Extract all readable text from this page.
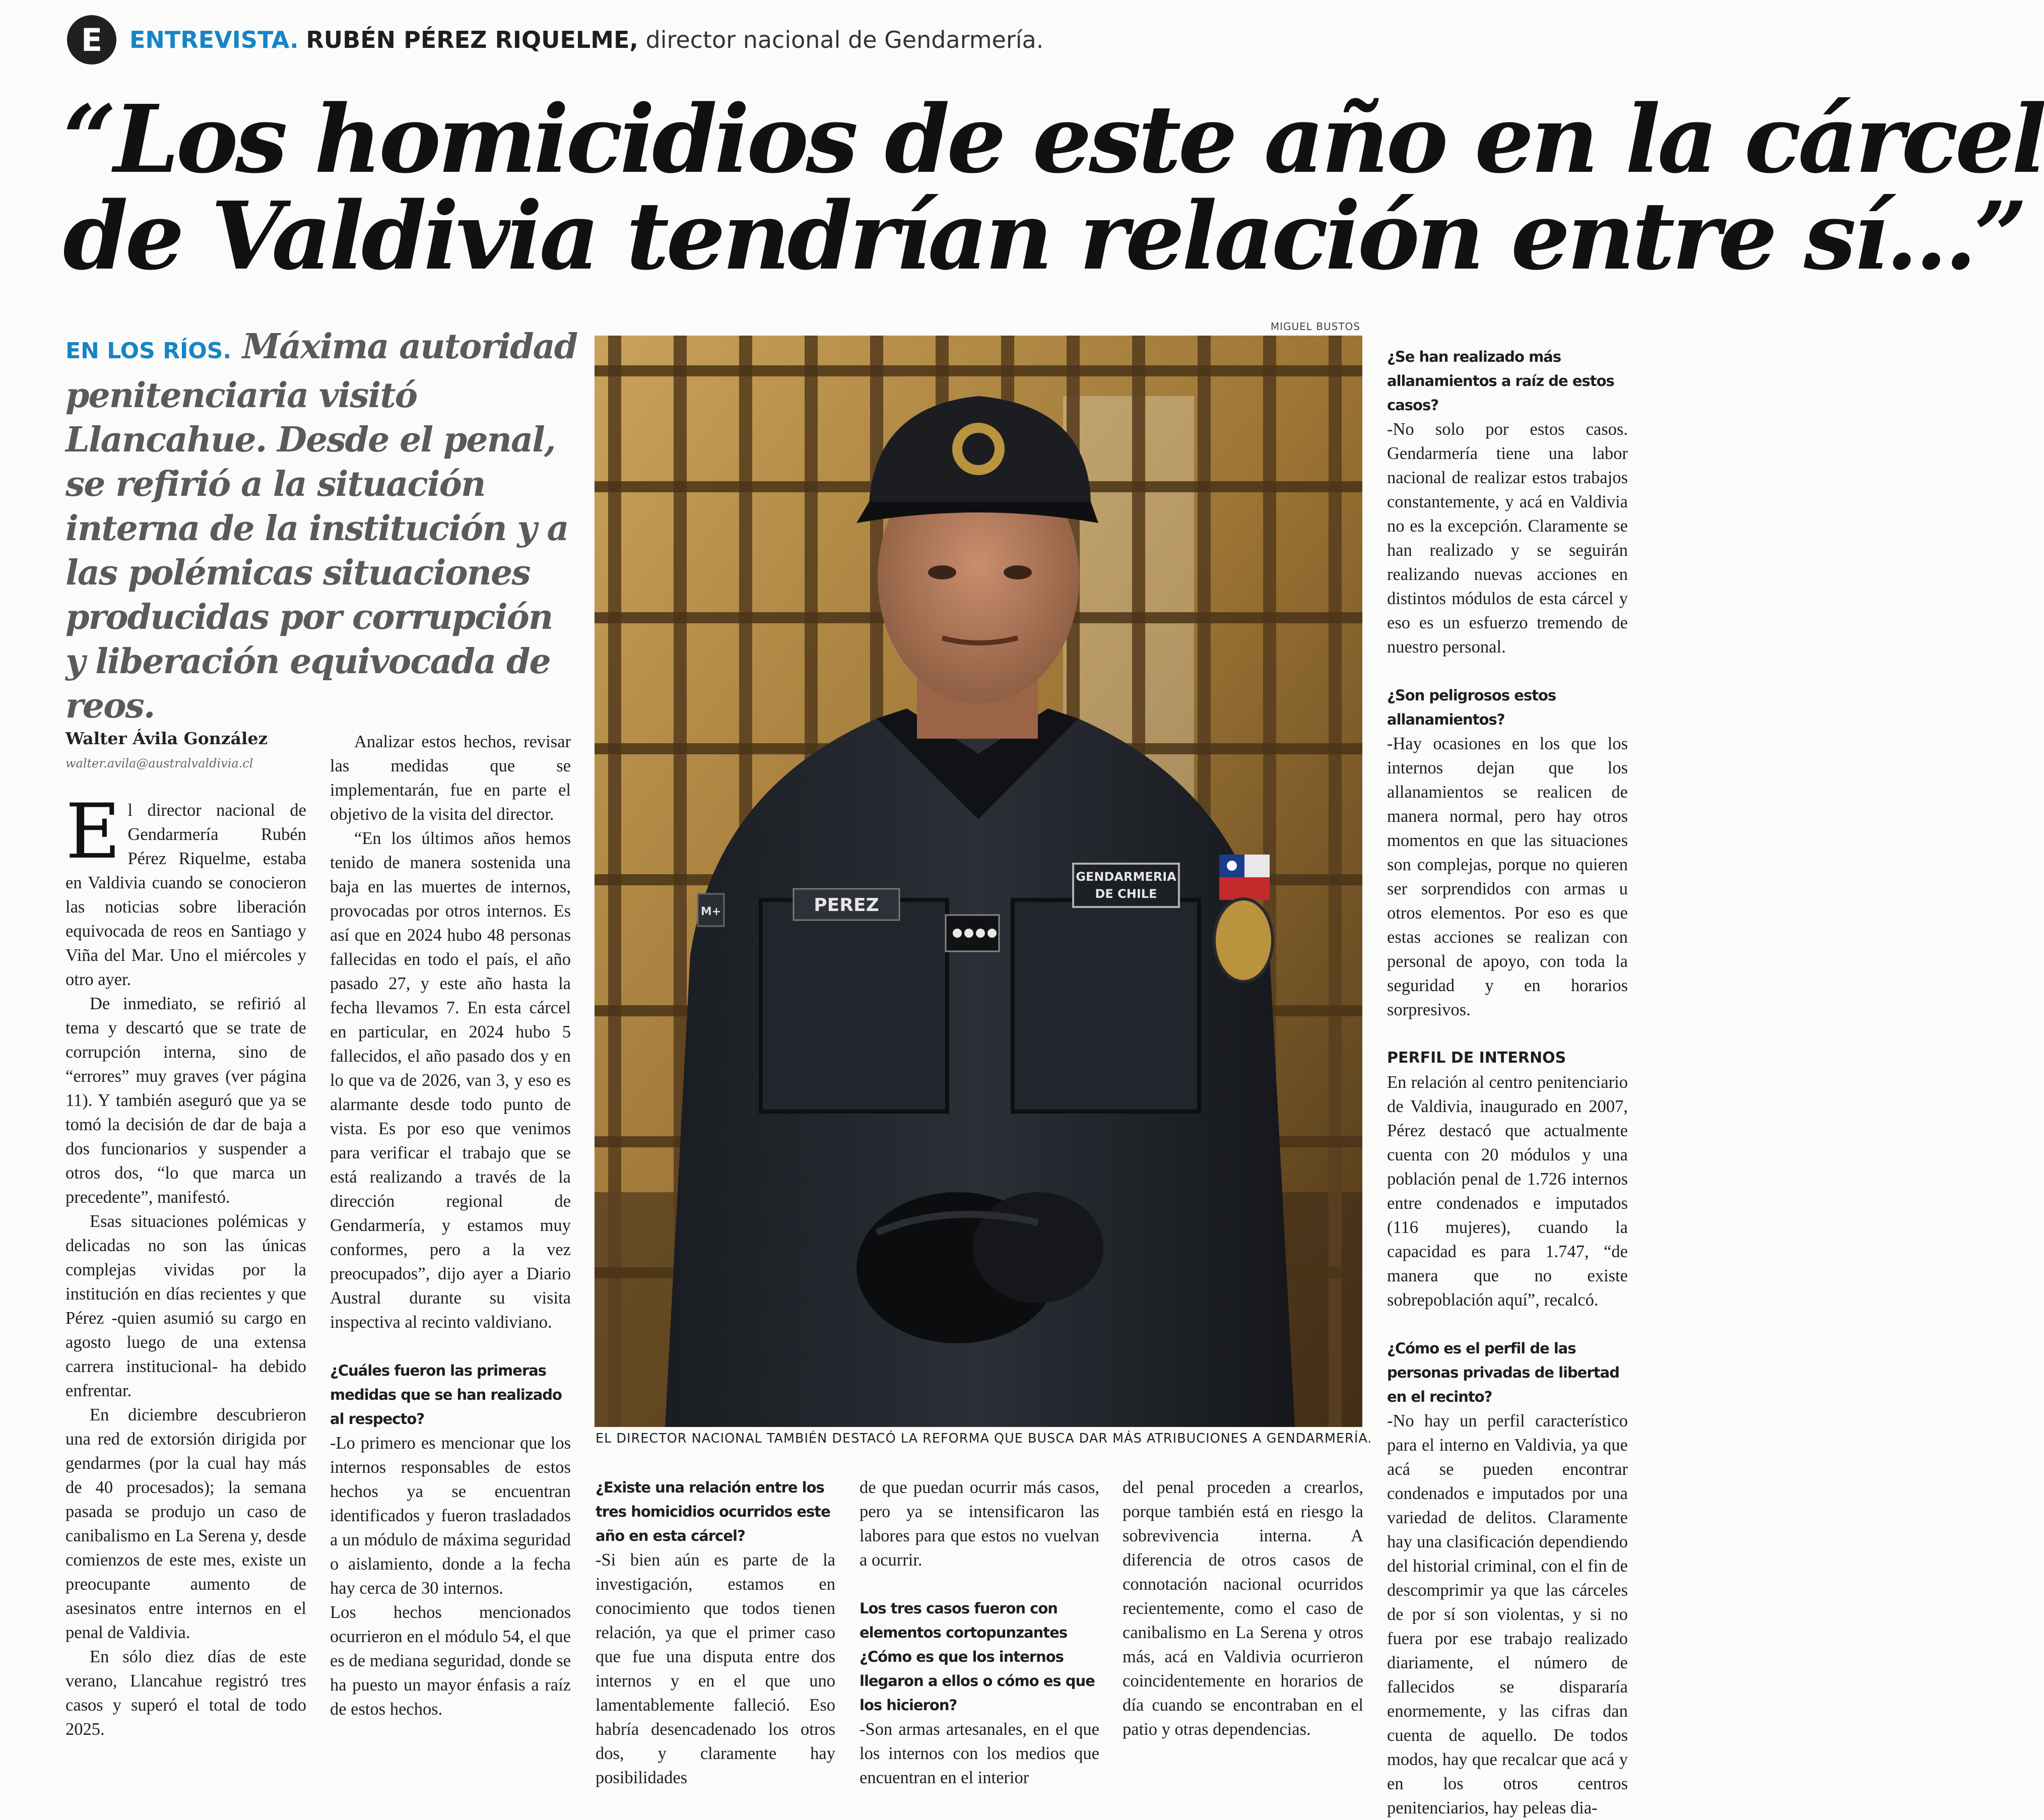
E	ENTREVISTA. RUBÉN PÉREZ RIQUELME, director nacional de Gendarmería.
“Los homicidios de este año en la cárcel
de Valdivia tendrían relación entre sí...”
EN LOS RÍOS. Máxima autoridad penitenciaria visitó Llancahue. Desde el penal, se refirió a la situación interna de la institución y a las polémicas situaciones producidas por corrupción y liberación equivocada de reos.
Walter Ávila González
walter.avila@australvaldivia.cl

El director nacional de Gendarmería Rubén Pérez Riquelme, estaba en Valdivia cuando se conocieron las noticias sobre liberación equivocada de reos en Santiago y Viña del Mar. Uno el miércoles y otro ayer.

De inmediato, se refirió al tema y descartó que se trate de corrupción interna, sino de “errores” muy graves (ver página 11). Y también aseguró que ya se tomó la decisión de dar de baja a dos funcionarios y suspender a otros dos, “lo que marca un precedente”, manifestó.

Esas situaciones polémicas y delicadas no son las únicas complejas vividas por la institución en días recientes y que Pérez -quien asumió su cargo en agosto luego de una extensa carrera institucional- ha debido enfrentar.

En diciembre descubrieron una red de extorsión dirigida por gendarmes (por la cual hay más de 40 procesados); la semana pasada se produjo un caso de canibalismo en La Serena y, desde comienzos de este mes, existe un preocupante aumento de asesinatos entre internos en el penal de Valdivia.

En sólo diez días de este verano, Llancahue registró tres casos y superó el total de todo 2025.

Analizar estos hechos, revisar las medidas que se implementarán, fue en parte el objetivo de la visita del director.

“En los últimos años hemos tenido de manera sostenida una baja en las muertes de internos, provocadas por otros internos. Es así que en 2024 hubo 48 personas fallecidas en todo el país, el año pasado 27, y este año hasta la fecha llevamos 7. En esta cárcel en particular, en 2024 hubo 5 fallecidos, el año pasado dos y en lo que va de 2026, van 3, y eso es alarmante desde todo punto de vista. Es por eso que venimos para verificar el trabajo que se está realizando a través de la dirección regional de Gendarmería, y estamos muy conformes, pero a la vez preocupados”, dijo ayer a Diario Austral durante su visita inspectiva al recinto valdiviano.

¿Cuáles fueron las primeras medidas que se han realizado al respecto?

-Lo primero es mencionar que los internos responsables de estos hechos ya se encuentran identificados y fueron trasladados a un módulo de máxima seguridad o aislamiento, donde a la fecha hay cerca de 30 internos.

Los hechos mencionados ocurrieron en el módulo 54, el que es de mediana seguridad, donde se ha puesto un mayor énfasis a raíz de estos hechos.

MIGUEL BUSTOS
PEREZ
GENDARMERIA
DE CHILE
M+
EL DIRECTOR NACIONAL TAMBIÉN DESTACÓ LA REFORMA QUE BUSCA DAR MÁS ATRIBUCIONES A GENDARMERÍA.

¿Existe una relación entre los tres homicidios ocurridos este año en esta cárcel?

-Si bien aún es parte de la investigación, estamos en conocimiento que todos tienen relación, ya que el primer caso que fue una disputa entre dos internos y en el que uno lamentablemente falleció. Eso habría desencadenado los otros dos, y claramente hay posibilidades

de que puedan ocurrir más casos, pero ya se intensificaron las labores para que estos no vuelvan a ocurrir.

Los tres casos fueron con elementos cortopunzantes ¿Cómo es que los internos llegaron a ellos o cómo es que los hicieron?

-Son armas artesanales, en el que los internos con los medios que encuentran en el interior

del penal proceden a crearlos, porque también está en riesgo la sobrevivencia interna. A diferencia de otros casos de connotación nacional ocurridos recientemente, como el caso de canibalismo en La Serena y otros más, acá en Valdivia ocurrieron coincidentemente en horarios de día cuando se encontraban en el patio y otras dependencias.

¿Se han realizado más allanamientos a raíz de estos casos?

-No solo por estos casos. Gendarmería tiene una labor nacional de realizar estos trabajos constantemente, y acá en Valdivia no es la excepción. Claramente se han realizado y se seguirán realizando nuevas acciones en distintos módulos de esta cárcel y eso es un esfuerzo tremendo de nuestro personal.

¿Son peligrosos estos allanamientos?

-Hay ocasiones en los que los internos dejan que los allanamientos se realicen de manera normal, pero hay otros momentos en que las situaciones son complejas, porque no quieren ser sorprendidos con armas u otros elementos. Por eso es que estas acciones se realizan con personal de apoyo, con toda la seguridad y en horarios sorpresivos.

PERFIL DE INTERNOS

En relación al centro penitenciario de Valdivia, inaugurado en 2007, Pérez destacó que actualmente cuenta con 20 módulos y una población penal de 1.726 internos entre condenados e imputados (116 mujeres), cuando la capacidad es para 1.747, “de manera que no existe sobrepoblación aquí”, recalcó.

¿Cómo es el perfil de las personas privadas de libertad en el recinto?

-No hay un perfil característico para el interno en Valdivia, ya que acá se pueden encontrar condenados e imputados por una variedad de delitos. Claramente hay una clasificación dependiendo del historial criminal, con el fin de descomprimir ya que las cárceles de por sí son violentas, y si no fuera por ese trabajo realizado diariamente, el número de fallecidos se dispararía enormemente, y las cifras dan cuenta de aquello. De todos modos, hay que recalcar que acá y en los otros centros penitenciarios, hay peleas dia-
